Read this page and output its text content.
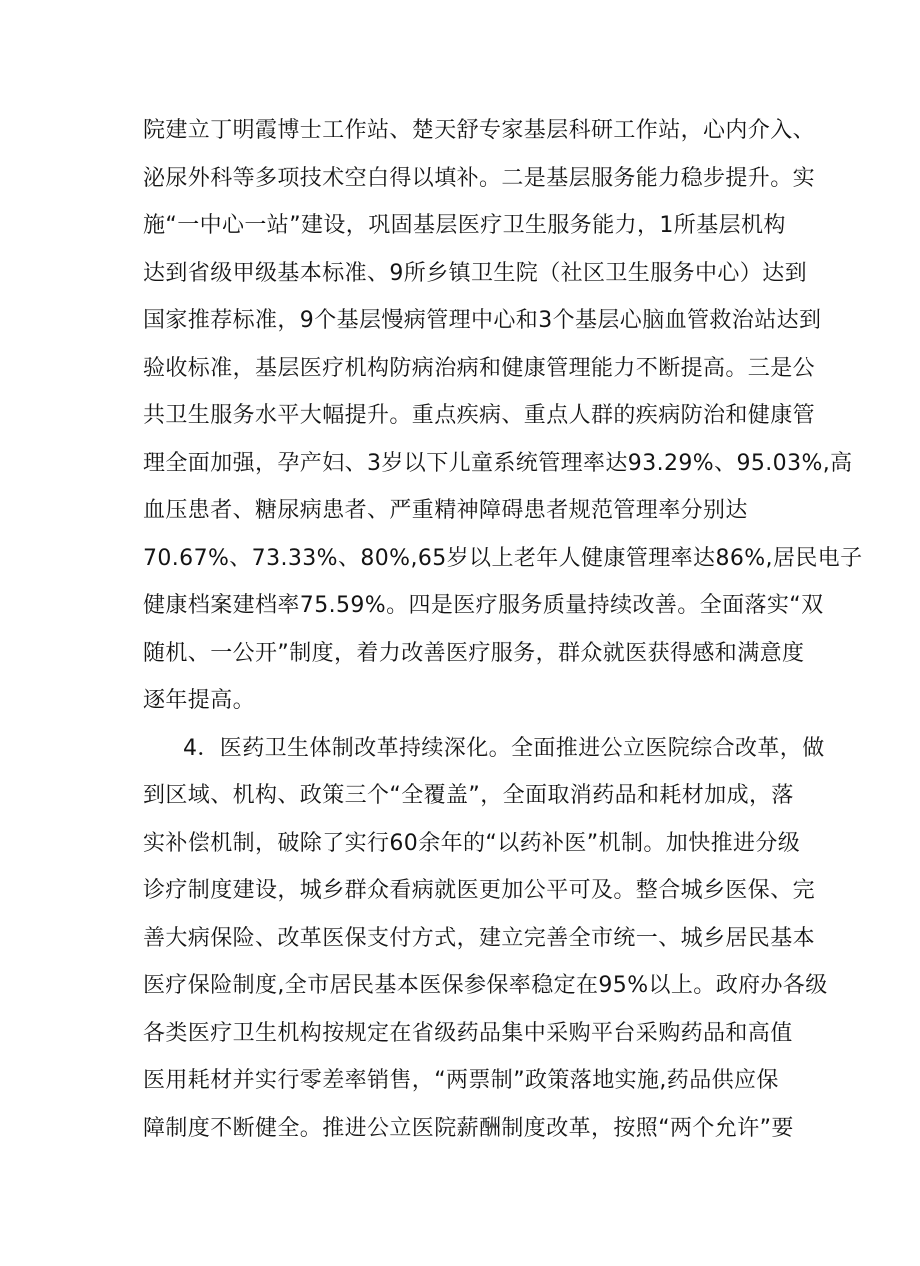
院建立丁明霞博士工作站、楚天舒专家基层科研工作站，心内介入、
泌尿外科等多项技术空白得以填补。二是基层服务能力稳步提升。实
施“一中心一站”建设，巩固基层医疗卫生服务能力，1所基层机构
达到省级甲级基本标准、9所乡镇卫生院（社区卫生服务中心）达到
国家推荐标准，9个基层慢病管理中心和3个基层心脑血管救治站达到
验收标准，基层医疗机构防病治病和健康管理能力不断提高。三是公
共卫生服务水平大幅提升。重点疾病、重点人群的疾病防治和健康管
理全面加强，孕产妇、3岁以下儿童系统管理率达93.29%、95.03%,高
血压患者、糖尿病患者、严重精神障碍患者规范管理率分别达
70.67%、73.33%、80%,65岁以上老年人健康管理率达86%,居民电子
健康档案建档率75.59%。四是医疗服务质量持续改善。全面落实“双
随机、一公开”制度，着力改善医疗服务，群众就医获得感和满意度
逐年提高。
4．医药卫生体制改革持续深化。全面推进公立医院综合改革，做
到区域、机构、政策三个“全覆盖”，全面取消药品和耗材加成，落
实补偿机制，破除了实行60余年的“以药补医”机制。加快推进分级
诊疗制度建设，城乡群众看病就医更加公平可及。整合城乡医保、完
善大病保险、改革医保支付方式，建立完善全市统一、城乡居民基本
医疗保险制度,全市居民基本医保参保率稳定在95%以上。政府办各级
各类医疗卫生机构按规定在省级药品集中采购平台采购药品和高值
医用耗材并实行零差率销售，“两票制”政策落地实施,药品供应保
障制度不断健全。推进公立医院薪酬制度改革，按照“两个允许”要
